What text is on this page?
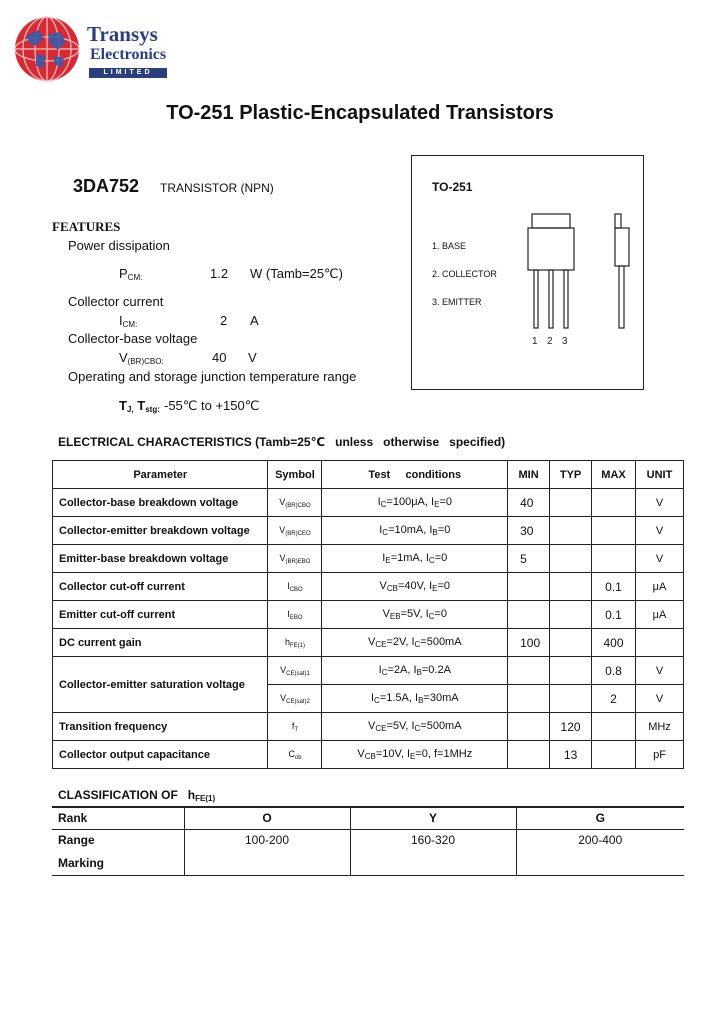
Transys
Electronics
LIMITED
TO-251 Plastic-Encapsulated Transistors
3DA752 TRANSISTOR (NPN)
FEATURES
Power dissipation
$P_{CM:}$	1.2 W (Tamb=25℃)
Collector current
$I_{CM:}$	2 A
Collector-base voltage
$V_{(BR)CBO:}$	40 V
Operating and storage junction temperature range
$T_{J,}$ $T_{stg:}$ -55℃ to +150℃
TO-251
1. BASE
2. COLLECTOR
3. EMITTER
1 2 3
ELECTRICAL CHARACTERISTICS (Tamb=25℃   unless   otherwise   specified)
Parameter	Symbol	Test     conditions	MIN	TYP	MAX	UNIT
Collector-base breakdown voltage	$V_{(BR)CBO}$	$I_C=100\mu A$, $I_E=0$	40			V
Collector-emitter breakdown voltage	$V_{(BR)CEO}$	$I_C=10mA$, $I_B=0$	30			V
Emitter-base breakdown voltage	$V_{(BR)EBO}$	$I_E=1mA$, $I_C=0$	5			V
Collector cut-off current	$I_{CBO}$	$V_{CB}=40V$, $I_E=0$			0.1	μA
Emitter cut-off current	$I_{EBO}$	$V_{EB}=5V$, $I_C=0$			0.1	μA
DC current gain	$h_{FE(1)}$	$V_{CE}=2V$, $I_C=500mA$	100		400	
Collector-emitter saturation voltage	$V_{CE(sat)1}$	$I_C=2A$, $I_B=0.2A$			0.8	V
	$V_{CE(sat)2}$	$I_C=1.5A$, $I_B=30mA$			2	V
Transition frequency	$f_T$	$V_{CE}=5V$, $I_C=500mA$		120		MHz
Collector output capacitance	$C_{ob}$	$V_{CB}=10V$, $I_E=0$, f=1MHz		13		pF
CLASSIFICATION OF $h_{FE(1)}$
Rank	O	Y	G
Range	100-200	160-320	200-400
Marking			
